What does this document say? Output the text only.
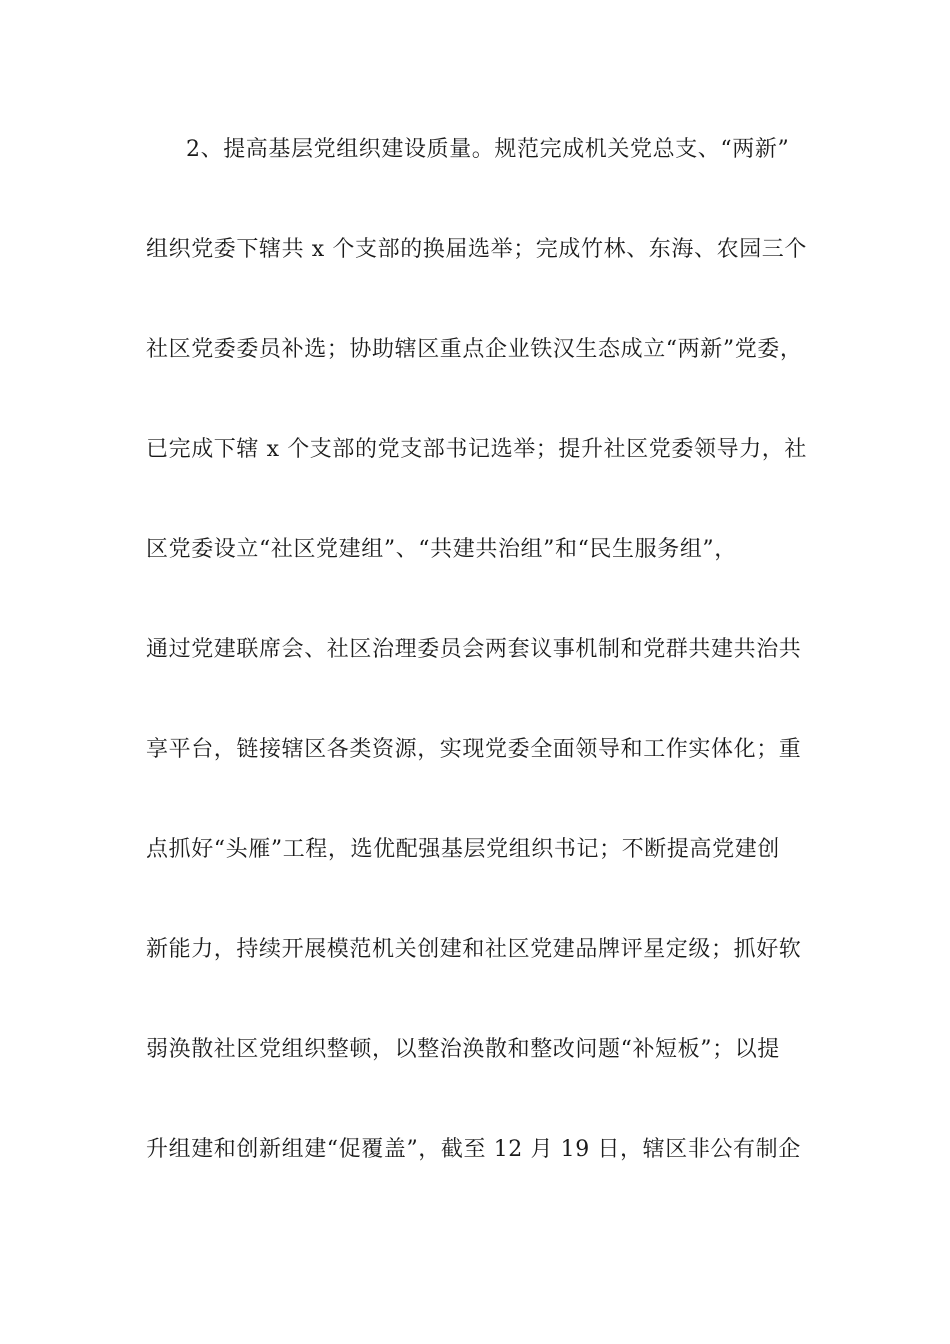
2、提高基层党组织建设质量。规范完成机关党总支、“两新”
组织党委下辖共 x 个支部的换届选举；完成竹林、东海、农园三个
社区党委委员补选；协助辖区重点企业铁汉生态成立“两新”党委，
已完成下辖 x 个支部的党支部书记选举；提升社区党委领导力，社
区党委设立“社区党建组”、“共建共治组”和“民生服务组”，
通过党建联席会、社区治理委员会两套议事机制和党群共建共治共
享平台，链接辖区各类资源，实现党委全面领导和工作实体化；重
点抓好“头雁”工程，选优配强基层党组织书记；不断提高党建创
新能力，持续开展模范机关创建和社区党建品牌评星定级；抓好软
弱涣散社区党组织整顿，以整治涣散和整改问题“补短板”；以提
升组建和创新组建“促覆盖”，截至 12 月 19 日，辖区非公有制企
